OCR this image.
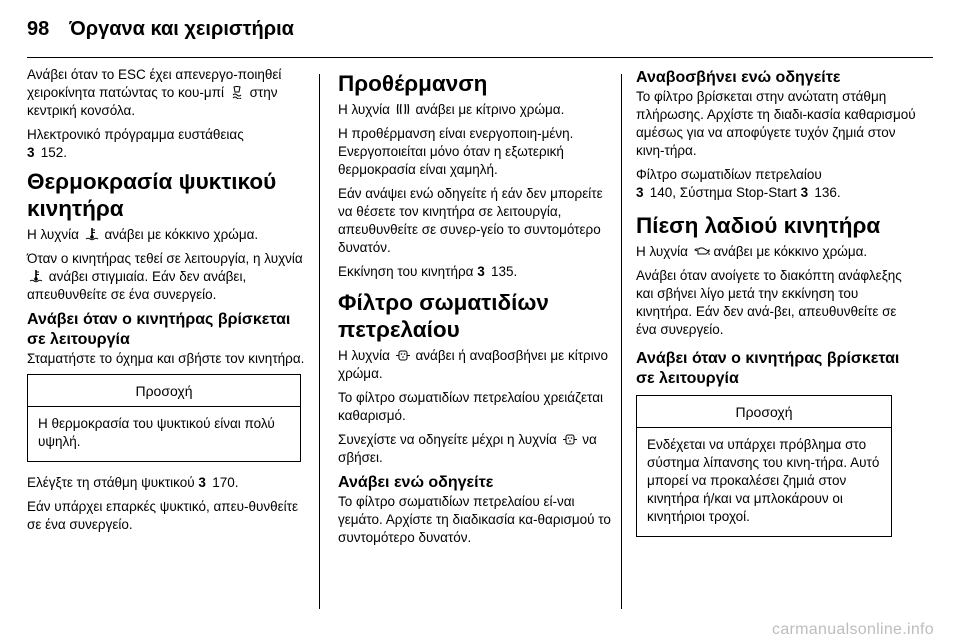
98 Όργανα και χειριστήρια

Ανάβει όταν το ESC έχει απενεργο-ποιηθεί χειροκίνητα πατώντας το κου-μπί στην κεντρική κονσόλα.

Ηλεκτρονικό πρόγραμμα ευστάθειας
3 152.

Θερμοκρασία ψυκτικού κινητήρα

Η λυχνία ανάβει με κόκκινο χρώμα.

Όταν ο κινητήρας τεθεί σε λειτουργία, η λυχνία  ανάβει στιγμιαία. Εάν δεν ανάβει, απευθυνθείτε σε ένα συνεργείο.

Ανάβει όταν ο κινητήρας βρίσκεται σε λειτουργία

Σταματήστε το όχημα και σβήστε τον κινητήρα.

Προσοχή
Η θερμοκρασία του ψυκτικού είναι πολύ υψηλή.

Ελέγξτε τη στάθμη ψυκτικού 3 170.

Εάν υπάρχει επαρκές ψυκτικό, απευ-θυνθείτε σε ένα συνεργείο.

Προθέρμανση

Η λυχνία ανάβει με κίτρινο χρώμα.

Η προθέρμανση είναι ενεργοποιη-μένη. Ενεργοποιείται μόνο όταν η εξωτερική θερμοκρασία είναι χαμηλή.

Εάν ανάψει ενώ οδηγείτε ή εάν δεν μπορείτε να θέσετε τον κινητήρα σε λειτουργία, απευθυνθείτε σε συνερ-γείο το συντομότερο δυνατόν.

Εκκίνηση του κινητήρα 3 135.

Φίλτρο σωματιδίων πετρελαίου

Η λυχνία ανάβει ή αναβοσβήνει με κίτρινο χρώμα.

Το φίλτρο σωματιδίων πετρελαίου χρειάζεται καθαρισμό.

Συνεχίστε να οδηγείτε μέχρι η λυχνία να σβήσει.

Ανάβει ενώ οδηγείτε

Το φίλτρο σωματιδίων πετρελαίου εί-ναι γεμάτο. Αρχίστε τη διαδικασία κα-θαρισμού το συντομότερο δυνατόν.

Αναβοσβήνει ενώ οδηγείτε

Το φίλτρο βρίσκεται στην ανώτατη στάθμη πλήρωσης. Αρχίστε τη διαδι-κασία καθαρισμού αμέσως για να αποφύγετε τυχόν ζημιά στον κινη-τήρα.

Φίλτρο σωματιδίων πετρελαίου
3 140, Σύστημα Stop-Start 3 136.

Πίεση λαδιού κινητήρα

Η λυχνία ανάβει με κόκκινο χρώμα.

Ανάβει όταν ανοίγετε το διακόπτη ανάφλεξης και σβήνει λίγο μετά την εκκίνηση του κινητήρα. Εάν δεν ανά-βει, απευθυνθείτε σε ένα συνεργείο.

Ανάβει όταν ο κινητήρας βρίσκεται σε λειτουργία
Προσοχή
Ενδέχεται να υπάρχει πρόβλημα στο σύστημα λίπανσης του κινη-τήρα. Αυτό μπορεί να προκαλέσει ζημιά στον κινητήρα ή/και να μπλοκάρουν οι κινητήριοι τροχοί.
carmanualsonline.info
